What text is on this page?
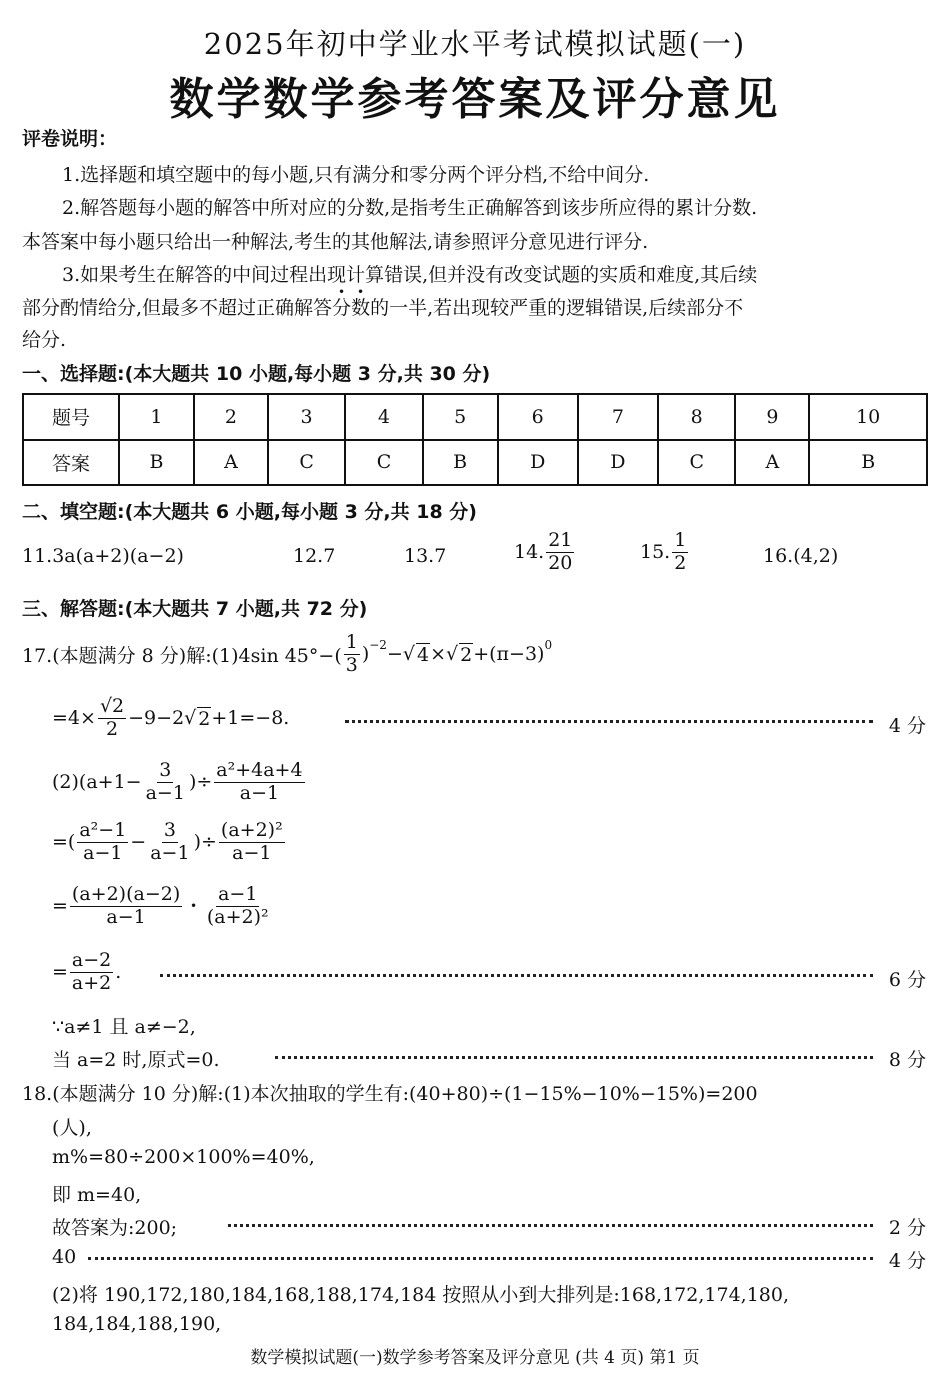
2025年初中学业水平考试模拟试题(一)
数学数学参考答案及评分意见
评卷说明：
1.选择题和填空题中的每小题,只有满分和零分两个评分档,不给中间分.
2.解答题每小题的解答中所对应的分数,是指考生正确解答到该步所应得的累计分数.
本答案中每小题只给出一种解法,考生的其他解法,请参照评分意见进行评分.
3.如果考生在解答的中间过程出现计算错误,但并没有改变试题的实质和难度,其后续
部分酌情给分,但最多不超过正确解答分数的一半,若出现较严重的逻辑错误,后续部分不
给分.
一、选择题:(本大题共 10 小题,每小题 3 分,共 30 分)
题号	1	2	3	4	5	6	7	8	9	10
答案	B	A	C	C	B	D	D	C	A	B
二、填空题:(本大题共 6 小题,每小题 3 分,共 18 分)
11.3a(a+2)(a−2)	12.7	13.7	14. $\frac{21}{20}$	15. $\frac{1}{2}$	16.(4,2)
三、解答题:(本大题共 7 小题,共 72 分)
17.(本题满分 8 分)解:(1)4sin $45^\circ-( \frac{1}{3}$ ) −2 − √ 4 × √ 2 +(π−3) 0
$=4\times \frac{√2}{2} -9-2$ √ 2 +1=−8.	4 分
$(2)(a+1- \frac{3}{a-1}$ )÷ $\frac{\text{a²+4a+4}}{a-1}$
=( $\frac{\text{a²−1}}{a-1} - \frac{3}{a-1}$ )÷ $\frac{\text{(a+2)²}}{a-1}$
= $\frac{(a+2)(a-2)}{a-1} \cdot \frac{a-1}{\text{(a+2)²}}$
= $\frac{a-2}{a+2}$ .	6 分
∵a≠1 且 a≠−2,
当 a=2 时,原式=0.	8 分
18.(本题满分 10 分)解:(1)本次抽取的学生有:(40+80)÷(1−15%−10%−15%)=200
(人),
m%=80÷200×100%=40%,
即 m=40,
故答案为:200;	2 分
40	4 分
(2)将 190,172,180,184,168,188,174,184 按照从小到大排列是:168,172,174,180,
184,184,188,190,
数学模拟试题(一)数学参考答案及评分意见 (共 4 页) 第1 页
